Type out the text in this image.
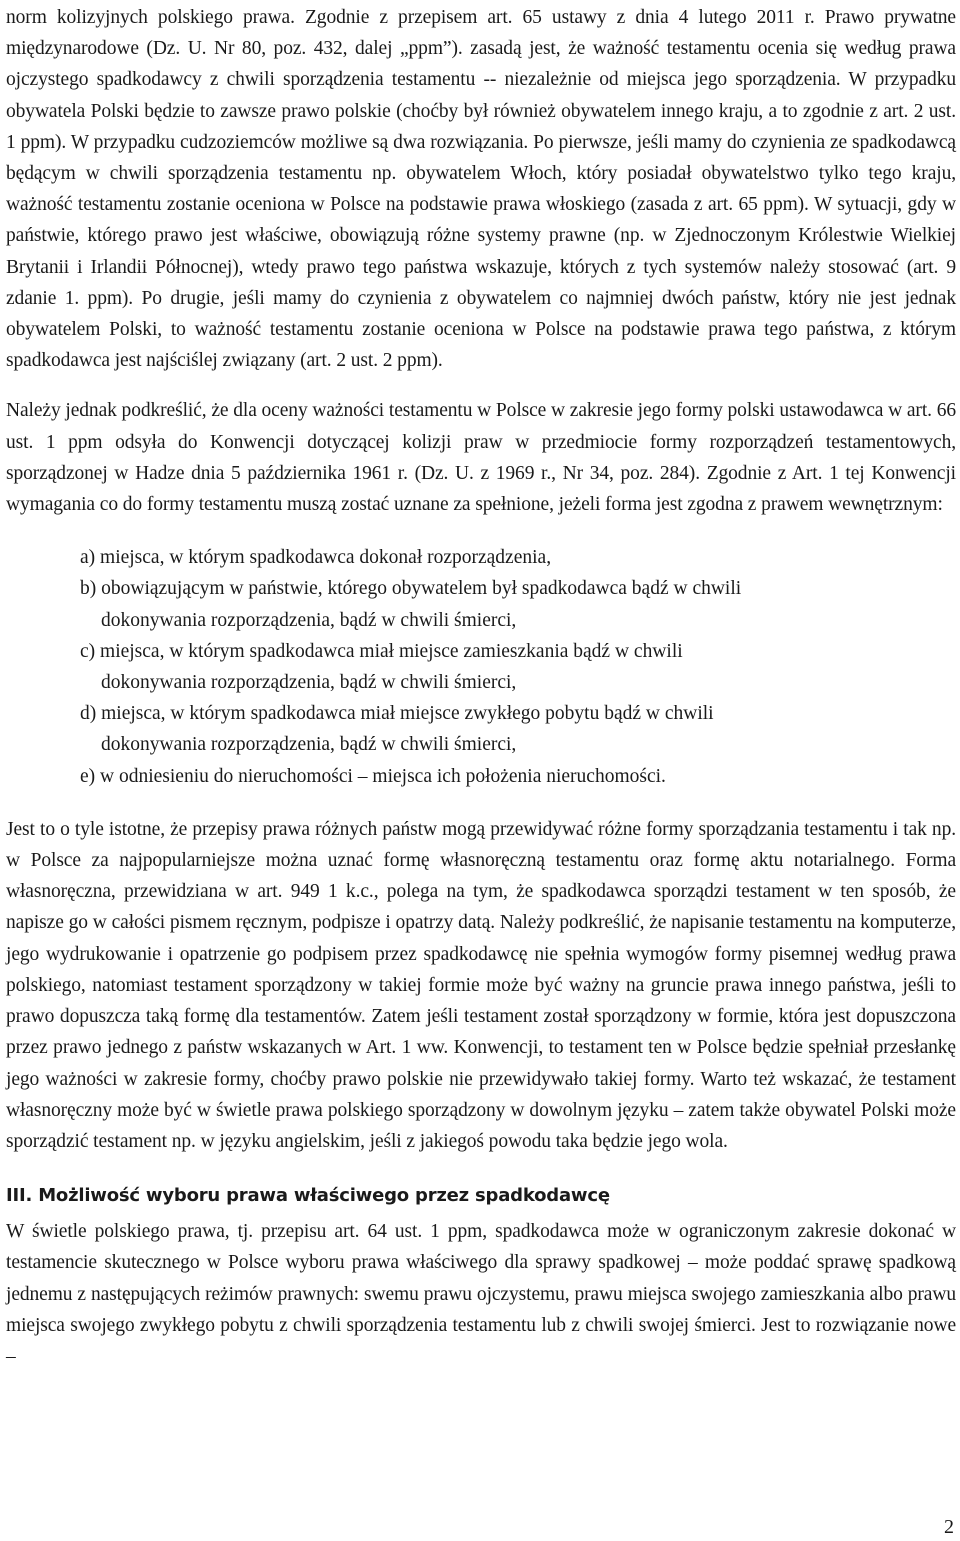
norm kolizyjnych polskiego prawa. Zgodnie z przepisem art. 65 ustawy z dnia 4 lutego 2011 r. Prawo prywatne międzynarodowe (Dz. U. Nr 80, poz. 432, dalej „ppm”). zasadą jest, że ważność testamentu ocenia się według prawa ojczystego spadkodawcy z chwili sporządzenia testamentu -- niezależnie od miejsca jego sporządzenia. W przypadku obywatela Polski będzie to zawsze prawo polskie (choćby był również obywatelem innego kraju, a to zgodnie z art. 2 ust. 1 ppm). W przypadku cudzoziemców możliwe są dwa rozwiązania. Po pierwsze, jeśli mamy do czynienia ze spadkodawcą będącym w chwili sporządzenia testamentu np. obywatelem Włoch, który posiadał obywatelstwo tylko tego kraju, ważność testamentu zostanie oceniona w Polsce na podstawie prawa włoskiego (zasada z art. 65 ppm). W sytuacji, gdy w państwie, którego prawo jest właściwe, obowiązują różne systemy prawne (np. w Zjednoczonym Królestwie Wielkiej Brytanii i Irlandii Północnej), wtedy prawo tego państwa wskazuje, których z tych systemów należy stosować (art. 9 zdanie 1. ppm). Po drugie, jeśli mamy do czynienia z obywatelem co najmniej dwóch państw, który nie jest jednak obywatelem Polski, to ważność testamentu zostanie oceniona w Polsce na podstawie prawa tego państwa, z którym spadkodawca jest najściślej związany (art. 2 ust. 2 ppm).

Należy jednak podkreślić, że dla oceny ważności testamentu w Polsce w zakresie jego formy polski ustawodawca w art. 66 ust. 1 ppm odsyła do Konwencji dotyczącej kolizji praw w przedmiocie formy rozporządzeń testamentowych, sporządzonej w Hadze dnia 5 października 1961 r. (Dz. U. z 1969 r., Nr 34, poz. 284). Zgodnie z Art. 1 tej Konwencji wymagania co do formy testamentu muszą zostać uznane za spełnione, jeżeli forma jest zgodna z prawem wewnętrznym:

a) miejsca, w którym spadkodawca dokonał rozporządzenia,
b) obowiązującym w państwie, którego obywatelem był spadkodawca bądź w chwili
dokonywania rozporządzenia, bądź w chwili śmierci,
c) miejsca, w którym spadkodawca miał miejsce zamieszkania bądź w chwili
dokonywania rozporządzenia, bądź w chwili śmierci,
d) miejsca, w którym spadkodawca miał miejsce zwykłego pobytu bądź w chwili
dokonywania rozporządzenia, bądź w chwili śmierci,
e) w odniesieniu do nieruchomości – miejsca ich położenia nieruchomości.

Jest to o tyle istotne, że przepisy prawa różnych państw mogą przewidywać różne formy sporządzania testamentu i tak np. w Polsce za najpopularniejsze można uznać formę własnoręczną testamentu oraz formę aktu notarialnego. Forma własnoręczna, przewidziana w art. 949 1 k.c., polega na tym, że spadkodawca sporządzi testament w ten sposób, że napisze go w całości pismem ręcznym, podpisze i opatrzy datą. Należy podkreślić, że napisanie testamentu na komputerze, jego wydrukowanie i opatrzenie go podpisem przez spadkodawcę nie spełnia wymogów formy pisemnej według prawa polskiego, natomiast testament sporządzony w takiej formie może być ważny na gruncie prawa innego państwa, jeśli to prawo dopuszcza taką formę dla testamentów. Zatem jeśli testament został sporządzony w formie, która jest dopuszczona przez prawo jednego z państw wskazanych w Art. 1 ww. Konwencji, to testament ten w Polsce będzie spełniał przesłankę jego ważności w zakresie formy, choćby prawo polskie nie przewidywało takiej formy. Warto też wskazać, że testament własnoręczny może być w świetle prawa polskiego sporządzony w dowolnym języku – zatem także obywatel Polski może sporządzić testament np. w języku angielskim, jeśli z jakiegoś powodu taka będzie jego wola.

III. Możliwość wyboru prawa właściwego przez spadkodawcę

W świetle polskiego prawa, tj. przepisu art. 64 ust. 1 ppm, spadkodawca może w ograniczonym zakresie dokonać w testamencie skutecznego w Polsce wyboru prawa właściwego dla sprawy spadkowej – może poddać sprawę spadkową jednemu z następujących reżimów prawnych: swemu prawu ojczystemu, prawu miejsca swojego zamieszkania albo prawu miejsca swojego zwykłego pobytu z chwili sporządzenia testamentu lub z chwili swojej śmierci. Jest to rozwiązanie nowe –

2
